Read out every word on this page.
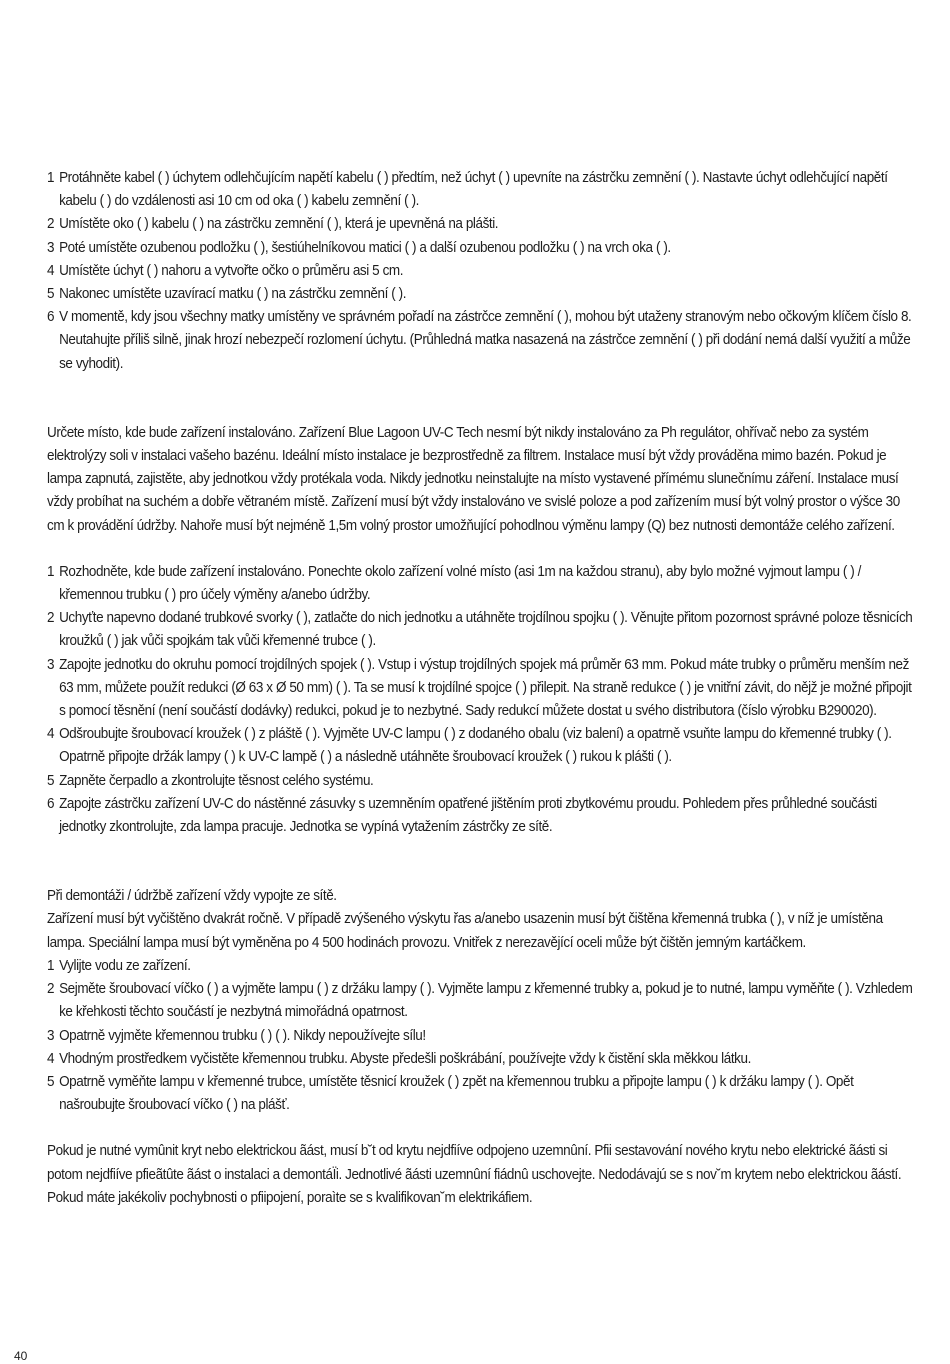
1 Protáhněte kabel ( ) úchytem odlehčujícím napětí kabelu ( ) předtím, než úchyt ( ) upevníte na zástrčku zemnění ( ). Nastavte úchyt odlehčující napětí kabelu ( ) do vzdálenosti asi 10 cm od oka ( ) kabelu zemnění ( ).
2 Umístěte oko ( ) kabelu ( ) na zástrčku zemnění ( ), která je upevněná na plášti.
3 Poté umístěte ozubenou podložku ( ), šestiúhelníkovou matici ( ) a další ozubenou podložku ( ) na vrch oka ( ).
4 Umístěte úchyt ( ) nahoru a vytvořte očko o průměru asi 5 cm.
5 Nakonec umístěte uzavírací matku ( ) na zástrčku zemnění ( ).
6 V momentě, kdy jsou všechny matky umístěny ve správném pořadí na zástrčce zemnění ( ), mohou být utaženy stranovým nebo očkovým klíčem číslo 8. Neutahujte příliš silně, jinak hrozí nebezpečí rozlomení úchytu. (Průhledná matka nasazená na zástrčce zemnění ( ) při dodání nemá další využití a může se vyhodit).

Určete místo, kde bude zařízení instalováno. Zařízení Blue Lagoon UV-C Tech nesmí být nikdy instalováno za Ph regulátor, ohřívač nebo za systém elektrolýzy soli v instalaci vašeho bazénu. Ideální místo instalace je bezprostředně za filtrem. Instalace musí být vždy prováděna mimo bazén. Pokud je lampa zapnutá, zajistěte, aby jednotkou vždy protékala voda. Nikdy jednotku neinstalujte na místo vystavené přímému slunečnímu záření. Instalace musí vždy probíhat na suchém a dobře větraném místě. Zařízení musí být vždy instalováno ve svislé poloze a pod zařízením musí být volný prostor o výšce 30 cm k provádění údržby. Nahoře musí být nejméně 1,5m volný prostor umožňující pohodlnou výměnu lampy (Q) bez nutnosti demontáže celého zařízení.

1 Rozhodněte, kde bude zařízení instalováno. Ponechte okolo zařízení volné místo (asi 1m na každou stranu), aby bylo možné vyjmout lampu ( ) / křemennou trubku ( ) pro účely výměny a/anebo údržby.
2 Uchyťte napevno dodané trubkové svorky ( ), zatlačte do nich jednotku a utáhněte trojdílnou spojku ( ). Věnujte přitom pozornost správné poloze těsnicích kroužků ( ) jak vůči spojkám tak vůči křemenné trubce ( ).
3 Zapojte jednotku do okruhu pomocí trojdílných spojek ( ). Vstup i výstup trojdílných spojek má průměr 63 mm. Pokud máte trubky o průměru menším než 63 mm, můžete použít redukci (Ø 63 x Ø 50 mm) ( ). Ta se musí k trojdílné spojce ( ) přilepit. Na straně redukce ( ) je vnitřní závit, do nějž je možné připojit s pomocí těsnění (není součástí dodávky) redukci, pokud je to nezbytné. Sady redukcí můžete dostat u svého distributora (číslo výrobku B290020).
4 Odšroubujte šroubovací kroužek ( ) z pláště ( ). Vyjměte UV-C lampu ( ) z dodaného obalu (viz balení) a opatrně vsuňte lampu do křemenné trubky ( ). Opatrně připojte držák lampy ( ) k UV-C lampě ( ) a následně utáhněte šroubovací kroužek ( ) rukou k plášti ( ).
5 Zapněte čerpadlo a zkontrolujte těsnost celého systému.
6 Zapojte zástrčku zařízení UV-C do nástěnné zásuvky s uzemněním opatřené jištěním proti zbytkovému proudu. Pohledem přes průhledné součásti jednotky zkontrolujte, zda lampa pracuje. Jednotka se vypíná vytažením zástrčky ze sítě.

Při demontáži / údržbě zařízení vždy vypojte ze sítě.

Zařízení musí být vyčištěno dvakrát ročně. V případě zvýšeného výskytu řas a/anebo usazenin musí být čištěna křemenná trubka ( ), v níž je umístěna lampa. Speciální lampa musí být vyměněna po 4 500 hodinách provozu. Vnitřek z nerezavějící oceli může být čištěn jemným kartáčkem.

1 Vylijte vodu ze zařízení.
2 Sejměte šroubovací víčko ( ) a vyjměte lampu ( ) z držáku lampy ( ). Vyjměte lampu z křemenné trubky a, pokud je to nutné, lampu vyměňte ( ). Vzhledem ke křehkosti těchto součástí je nezbytná mimořádná opatrnost.
3 Opatrně vyjměte křemennou trubku ( ) ( ). Nikdy nepoužívejte sílu!
4 Vhodným prostředkem vyčistěte křemennou trubku. Abyste předešli poškrábání, používejte vždy k čistění skla měkkou látku.
5 Opatrně vyměňte lampu v křemenné trubce, umístěte těsnicí kroužek ( ) zpět na křemennou trubku a připojte lampu ( ) k držáku lampy ( ). Opět našroubujte šroubovací víčko ( ) na plášť.

Pokud je nutné vymûnit kryt nebo elektrickou ãást, musí b˘t od krytu nejdfiíve odpojeno uzemnûní. Pfii sestavování nového krytu nebo elektrické ãásti si potom nejdfiíve pfieãtûte ãást o instalaci a demontáÏi. Jednotlivé ãásti uzemnûní fiádnû uschovejte. Nedodávajú se s nov˘m krytem nebo elektrickou ãástí. Pokud máte jakékoliv pochybnosti o pfiipojení, poraìte se s kvalifikovan˘m elektrikáfiem.

40
